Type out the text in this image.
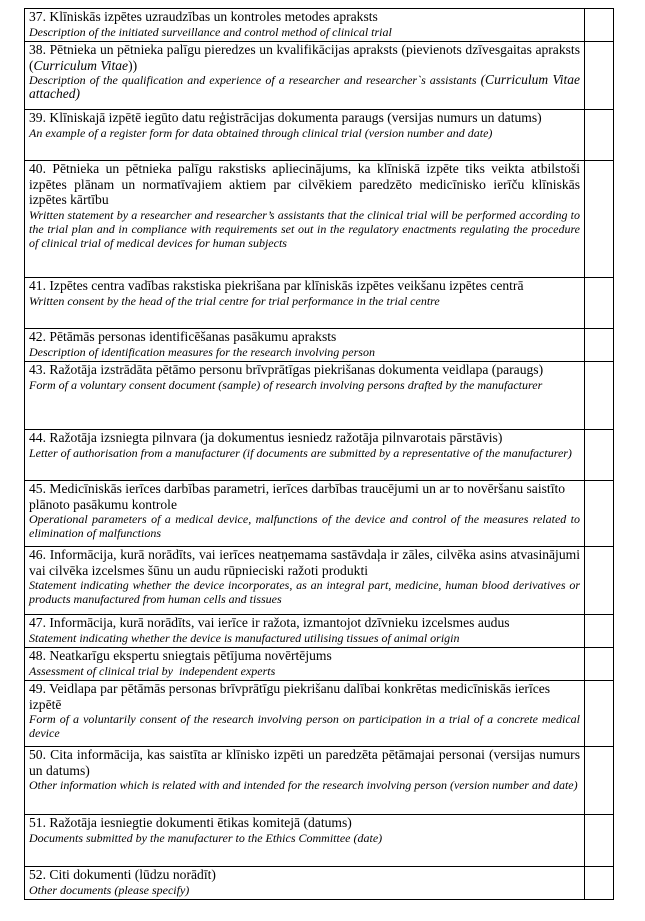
37. Klīniskās izpētes uzraudzības un kontroles metodes apraksts
Description of the initiated surveillance and control method of clinical trial	

38. Pētnieka un pētnieka palīgu pieredzes un kvalifikācijas apraksts (pievienots dzīvesgaitas apraksts (Curriculum Vitae))
Description of the qualification and experience of a researcher and researcher`s assistants (Curriculum Vitae attached)	

39. Klīniskajā izpētē iegūto datu reģistrācijas dokumenta paraugs (versijas numurs un datums)
An example of a register form for data obtained through clinical trial (version number and date)	

40. Pētnieka un pētnieka palīgu rakstisks apliecinājums, ka klīniskā izpēte tiks veikta atbilstoši izpētes plānam un normatīvajiem aktiem par cilvēkiem paredzēto medicīnisko ierīču klīniskās izpētes kārtību
Written statement by a researcher and researcher’s assistants that the clinical trial will be performed according to the trial plan and in compliance with requirements set out in the regulatory enactments regulating the procedure of clinical trial of medical devices for human subjects	

41. Izpētes centra vadības rakstiska piekrišana par klīniskās izpētes veikšanu izpētes centrā
Written consent by the head of the trial centre for trial performance in the trial centre	

42. Pētāmās personas identificēšanas pasākumu apraksts
Description of identification measures for the research involving person	

43. Ražotāja izstrādāta pētāmo personu brīvprātīgas piekrišanas dokumenta veidlapa (paraugs)
Form of a voluntary consent document (sample) of research involving persons drafted by the manufacturer	

44. Ražotāja izsniegta pilnvara (ja dokumentus iesniedz ražotāja pilnvarotais pārstāvis)
Letter of authorisation from a manufacturer (if documents are submitted by a representative of the manufacturer)	

45. Medicīniskās ierīces darbības parametri, ierīces darbības traucējumi un ar to novēršanu saistīto plānoto pasākumu kontrole
Operational parameters of a medical device, malfunctions of the device and control of the measures related to elimination of malfunctions	

46. Informācija, kurā norādīts, vai ierīces neatņemama sastāvdaļa ir zāles, cilvēka asins atvasinājumi vai cilvēka izcelsmes šūnu un audu rūpnieciski ražoti produkti
Statement indicating whether the device incorporates, as an integral part, medicine, human blood derivatives or products manufactured from human cells and tissues	

47. Informācija, kurā norādīts, vai ierīce ir ražota, izmantojot dzīvnieku izcelsmes audus
Statement indicating whether the device is manufactured utilising tissues of animal origin	

48. Neatkarīgu ekspertu sniegtais pētījuma novērtējums
Assessment of clinical trial by  independent experts	

49. Veidlapa par pētāmās personas brīvprātīgu piekrišanu dalībai konkrētas medicīniskās ierīces izpētē
Form of a voluntarily consent of the research involving person on participation in a trial of a concrete medical device	

50. Cita informācija, kas saistīta ar klīnisko izpēti un paredzēta pētāmajai personai (versijas numurs un datums)
Other information which is related with and intended for the research involving person (version number and date)	

51. Ražotāja iesniegtie dokumenti ētikas komitejā (datums)
Documents submitted by the manufacturer to the Ethics Committee (date)	

52. Citi dokumenti (lūdzu norādīt)
Other documents (please specify)	
